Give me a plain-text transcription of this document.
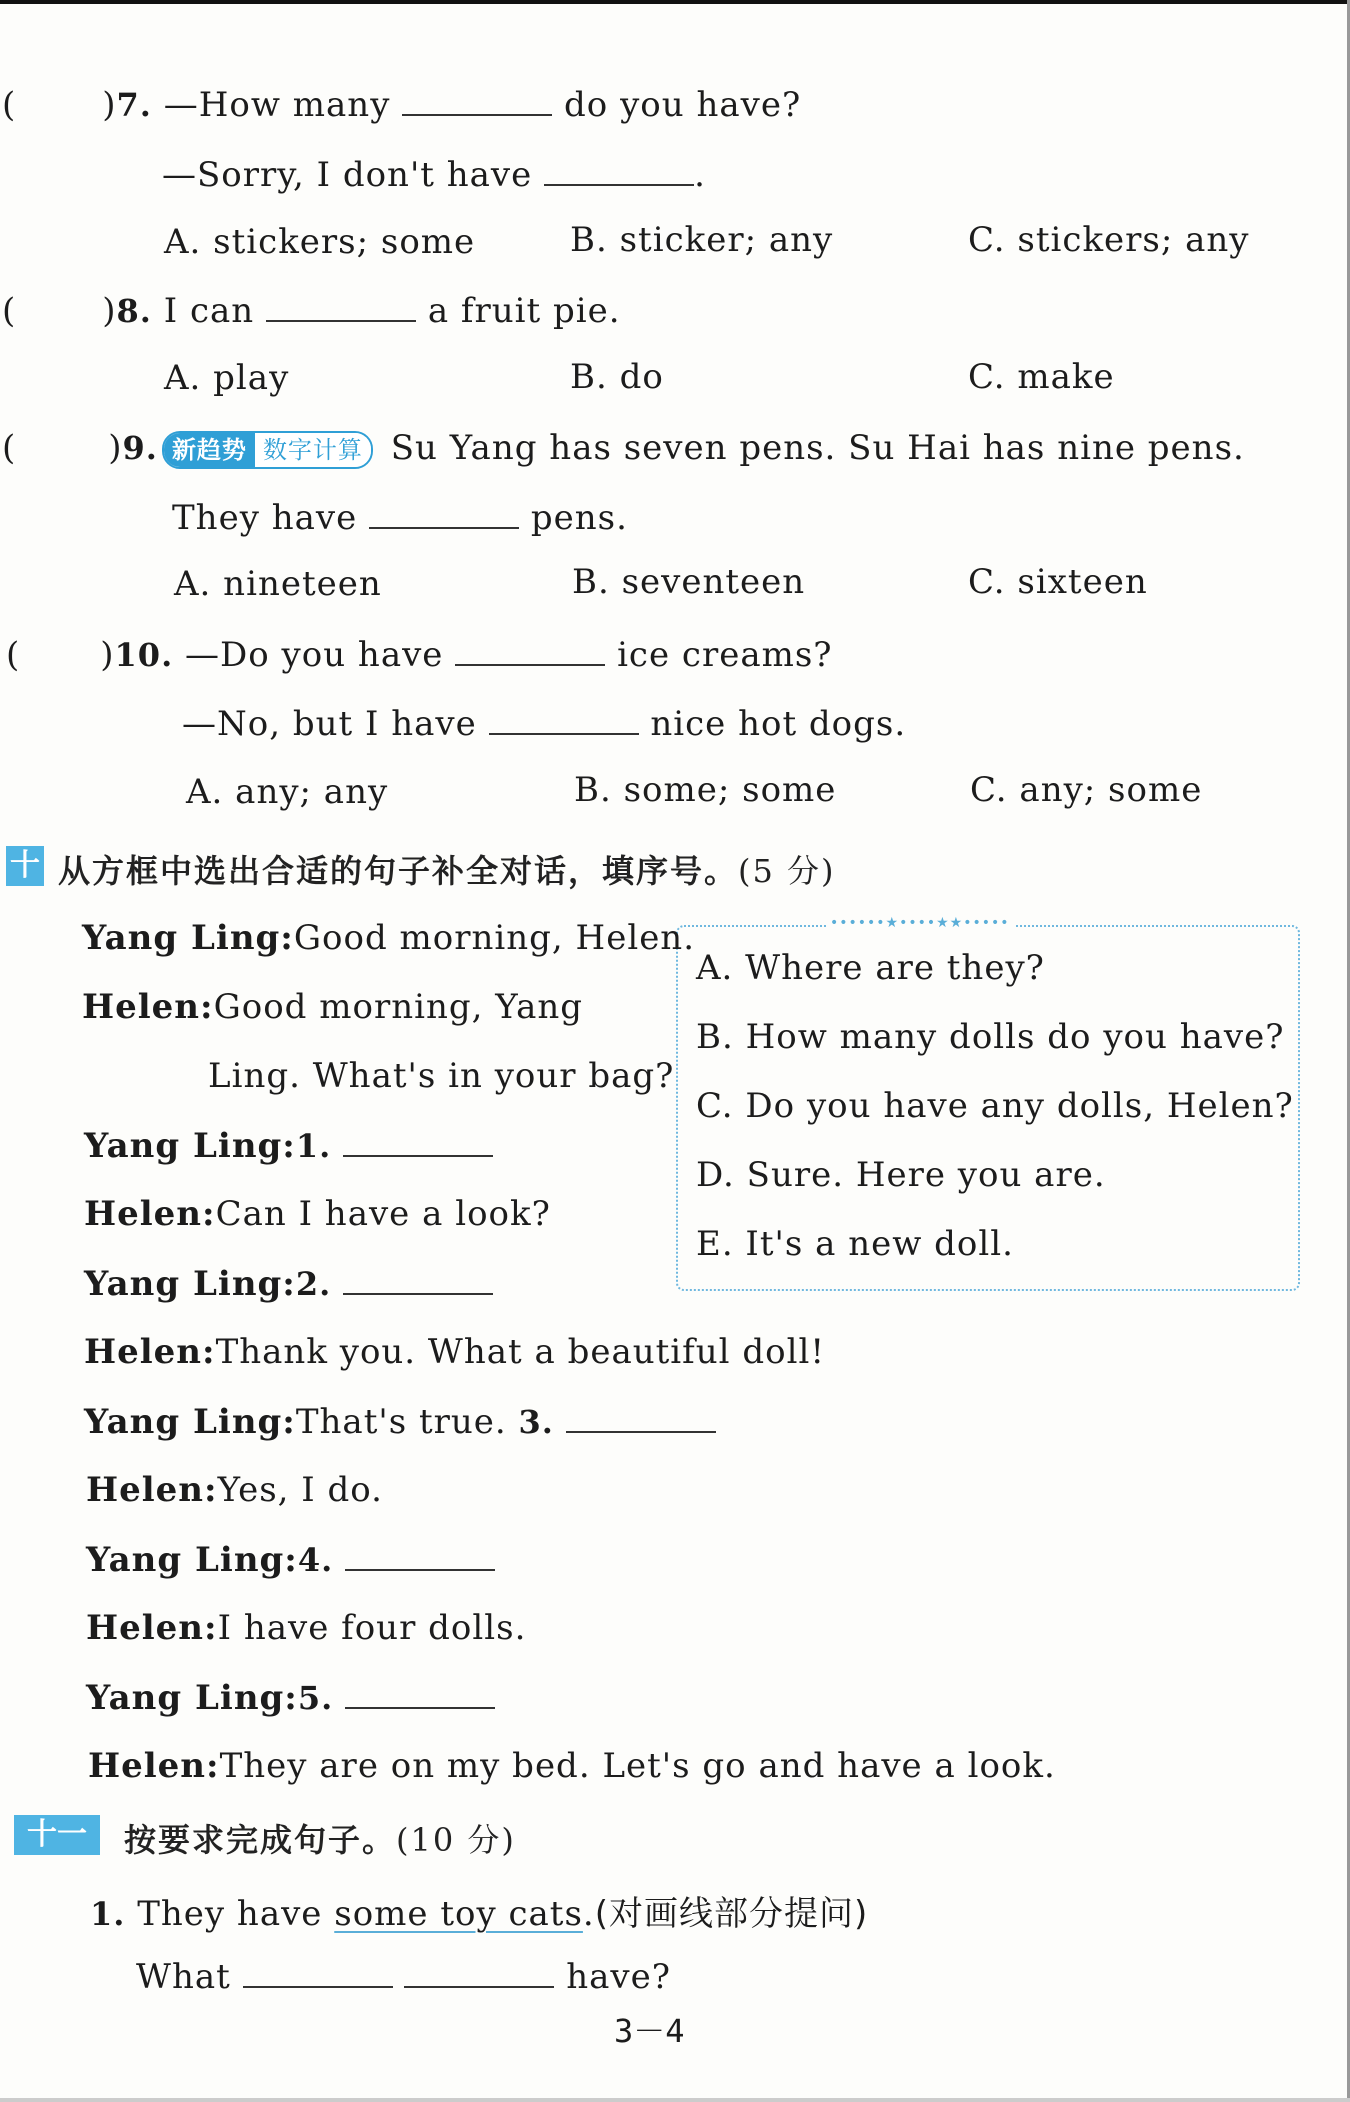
(	)7. —How many	do you have?
—Sorry, I don't have	.
A. stickers; some	B. sticker; any	C. stickers; any
(	)8. I can	a fruit pie.
A. play	B. do	C. make
(	)9. 新趋势 数字计算 Su Yang has seven pens. Su Hai has nine pens.
They have	pens.
A. nineteen	B. seventeen	C. sixteen
( )10. —Do you have	ice creams?
—No, but I have	nice hot dogs.
A. any; any	B. some; some	C. any; some
十 从方框中选出合适的句子补全对话，填序号。(5 分)
••••••★••••★★•••••
A. Where are they?
B. How many dolls do you have?
C. Do you have any dolls, Helen?
D. Sure. Here you are.
E. It's a new doll.
Yang Ling:Good morning, Helen.
Helen:Good morning, Yang
Ling. What's in your bag?
Yang Ling:1.
Helen:Can I have a look?
Yang Ling:2.
Helen:Thank you. What a beautiful doll!
Yang Ling:That's true. 3.
Helen:Yes, I do.
Yang Ling:4.
Helen:I have four dolls.
Yang Ling:5.
Helen:They are on my bed. Let's go and have a look.
十一	按要求完成句子。(10 分)
1. They have some toy cats.(对画线部分提问)
What	have?
3－4
